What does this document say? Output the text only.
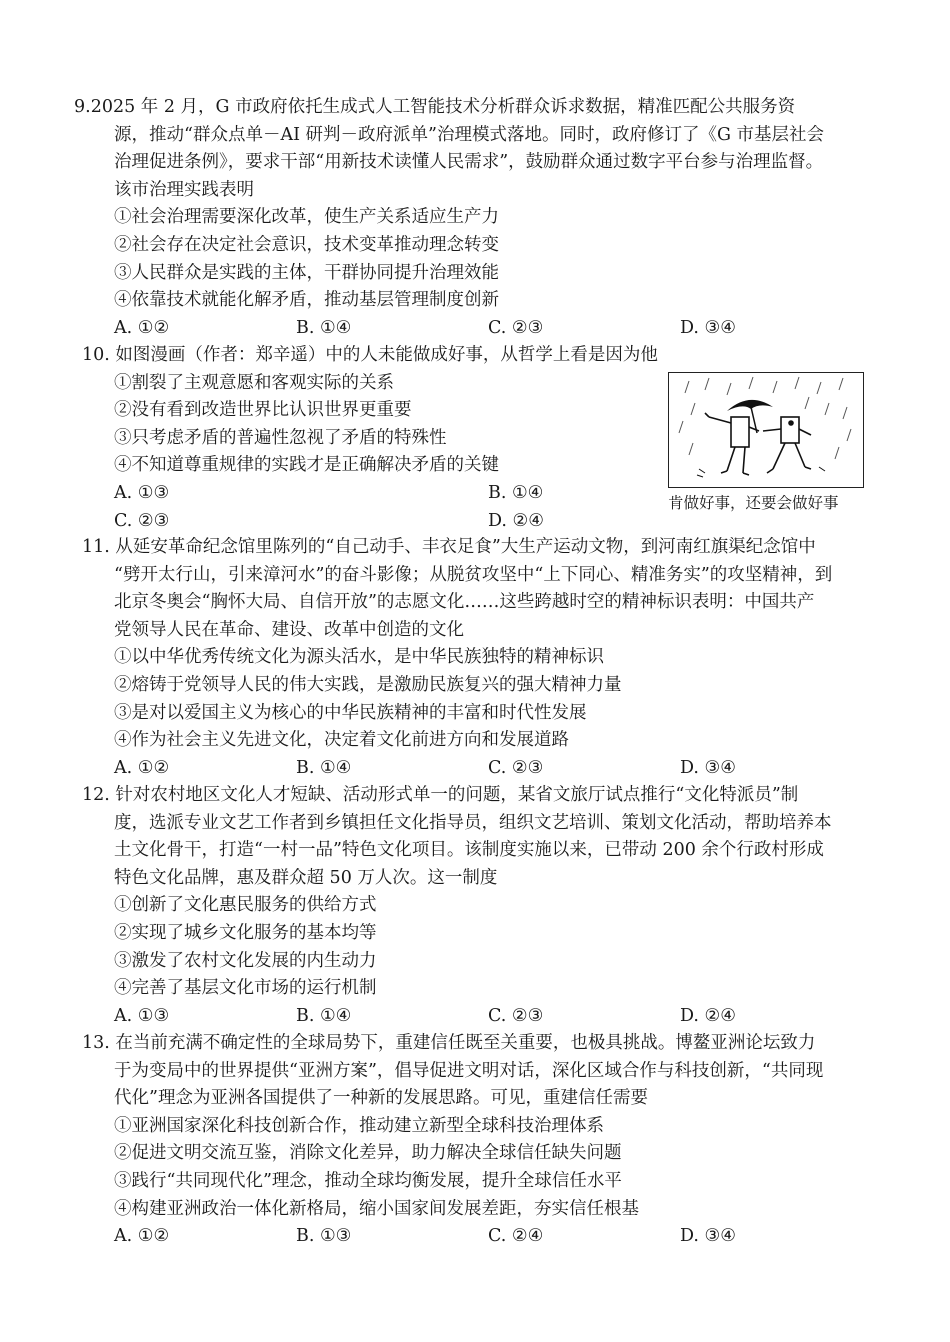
9.2025 年 2 月，G 市政府依托生成式人工智能技术分析群众诉求数据，精准匹配公共服务资
源，推动“群众点单－AI 研判－政府派单”治理模式落地。同时，政府修订了《G 市基层社会
治理促进条例》，要求干部“用新技术读懂人民需求”，鼓励群众通过数字平台参与治理监督。
该市治理实践表明
①社会治理需要深化改革，使生产关系适应生产力
②社会存在决定社会意识，技术变革推动理念转变
③人民群众是实践的主体，干群协同提升治理效能
④依靠技术就能化解矛盾，推动基层管理制度创新
A. ①②	B. ①④	C. ②③	D. ③④
10. 如图漫画（作者：郑辛遥）中的人未能做成好事，从哲学上看是因为他
①割裂了主观意愿和客观实际的关系
②没有看到改造世界比认识世界更重要
③只考虑矛盾的普遍性忽视了矛盾的特殊性
④不知道尊重规律的实践才是正确解决矛盾的关键
A. ①③	B. ①④
C. ②③	D. ②④
肯做好事，还要会做好事
11. 从延安革命纪念馆里陈列的“自己动手、丰衣足食”大生产运动文物，到河南红旗渠纪念馆中
“劈开太行山，引来漳河水”的奋斗影像；从脱贫攻坚中“上下同心、精准务实”的攻坚精神，到
北京冬奥会“胸怀大局、自信开放”的志愿文化……这些跨越时空的精神标识表明：中国共产
党领导人民在革命、建设、改革中创造的文化
①以中华优秀传统文化为源头活水，是中华民族独特的精神标识
②熔铸于党领导人民的伟大实践，是激励民族复兴的强大精神力量
③是对以爱国主义为核心的中华民族精神的丰富和时代性发展
④作为社会主义先进文化，决定着文化前进方向和发展道路
A. ①②	B. ①④	C. ②③	D. ③④
12. 针对农村地区文化人才短缺、活动形式单一的问题，某省文旅厅试点推行“文化特派员”制
度，选派专业文艺工作者到乡镇担任文化指导员，组织文艺培训、策划文化活动，帮助培养本
土文化骨干，打造“一村一品”特色文化项目。该制度实施以来，已带动 200 余个行政村形成
特色文化品牌，惠及群众超 50 万人次。这一制度
①创新了文化惠民服务的供给方式
②实现了城乡文化服务的基本均等
③激发了农村文化发展的内生动力
④完善了基层文化市场的运行机制
A. ①③	B. ①④	C. ②③	D. ②④
13. 在当前充满不确定性的全球局势下，重建信任既至关重要，也极具挑战。博鳌亚洲论坛致力
于为变局中的世界提供“亚洲方案”，倡导促进文明对话，深化区域合作与科技创新，“共同现
代化”理念为亚洲各国提供了一种新的发展思路。可见，重建信任需要
①亚洲国家深化科技创新合作，推动建立新型全球科技治理体系
②促进文明交流互鉴，消除文化差异，助力解决全球信任缺失问题
③践行“共同现代化”理念，推动全球均衡发展，提升全球信任水平
④构建亚洲政治一体化新格局，缩小国家间发展差距，夯实信任根基
A. ①②	B. ①③	C. ②④	D. ③④
